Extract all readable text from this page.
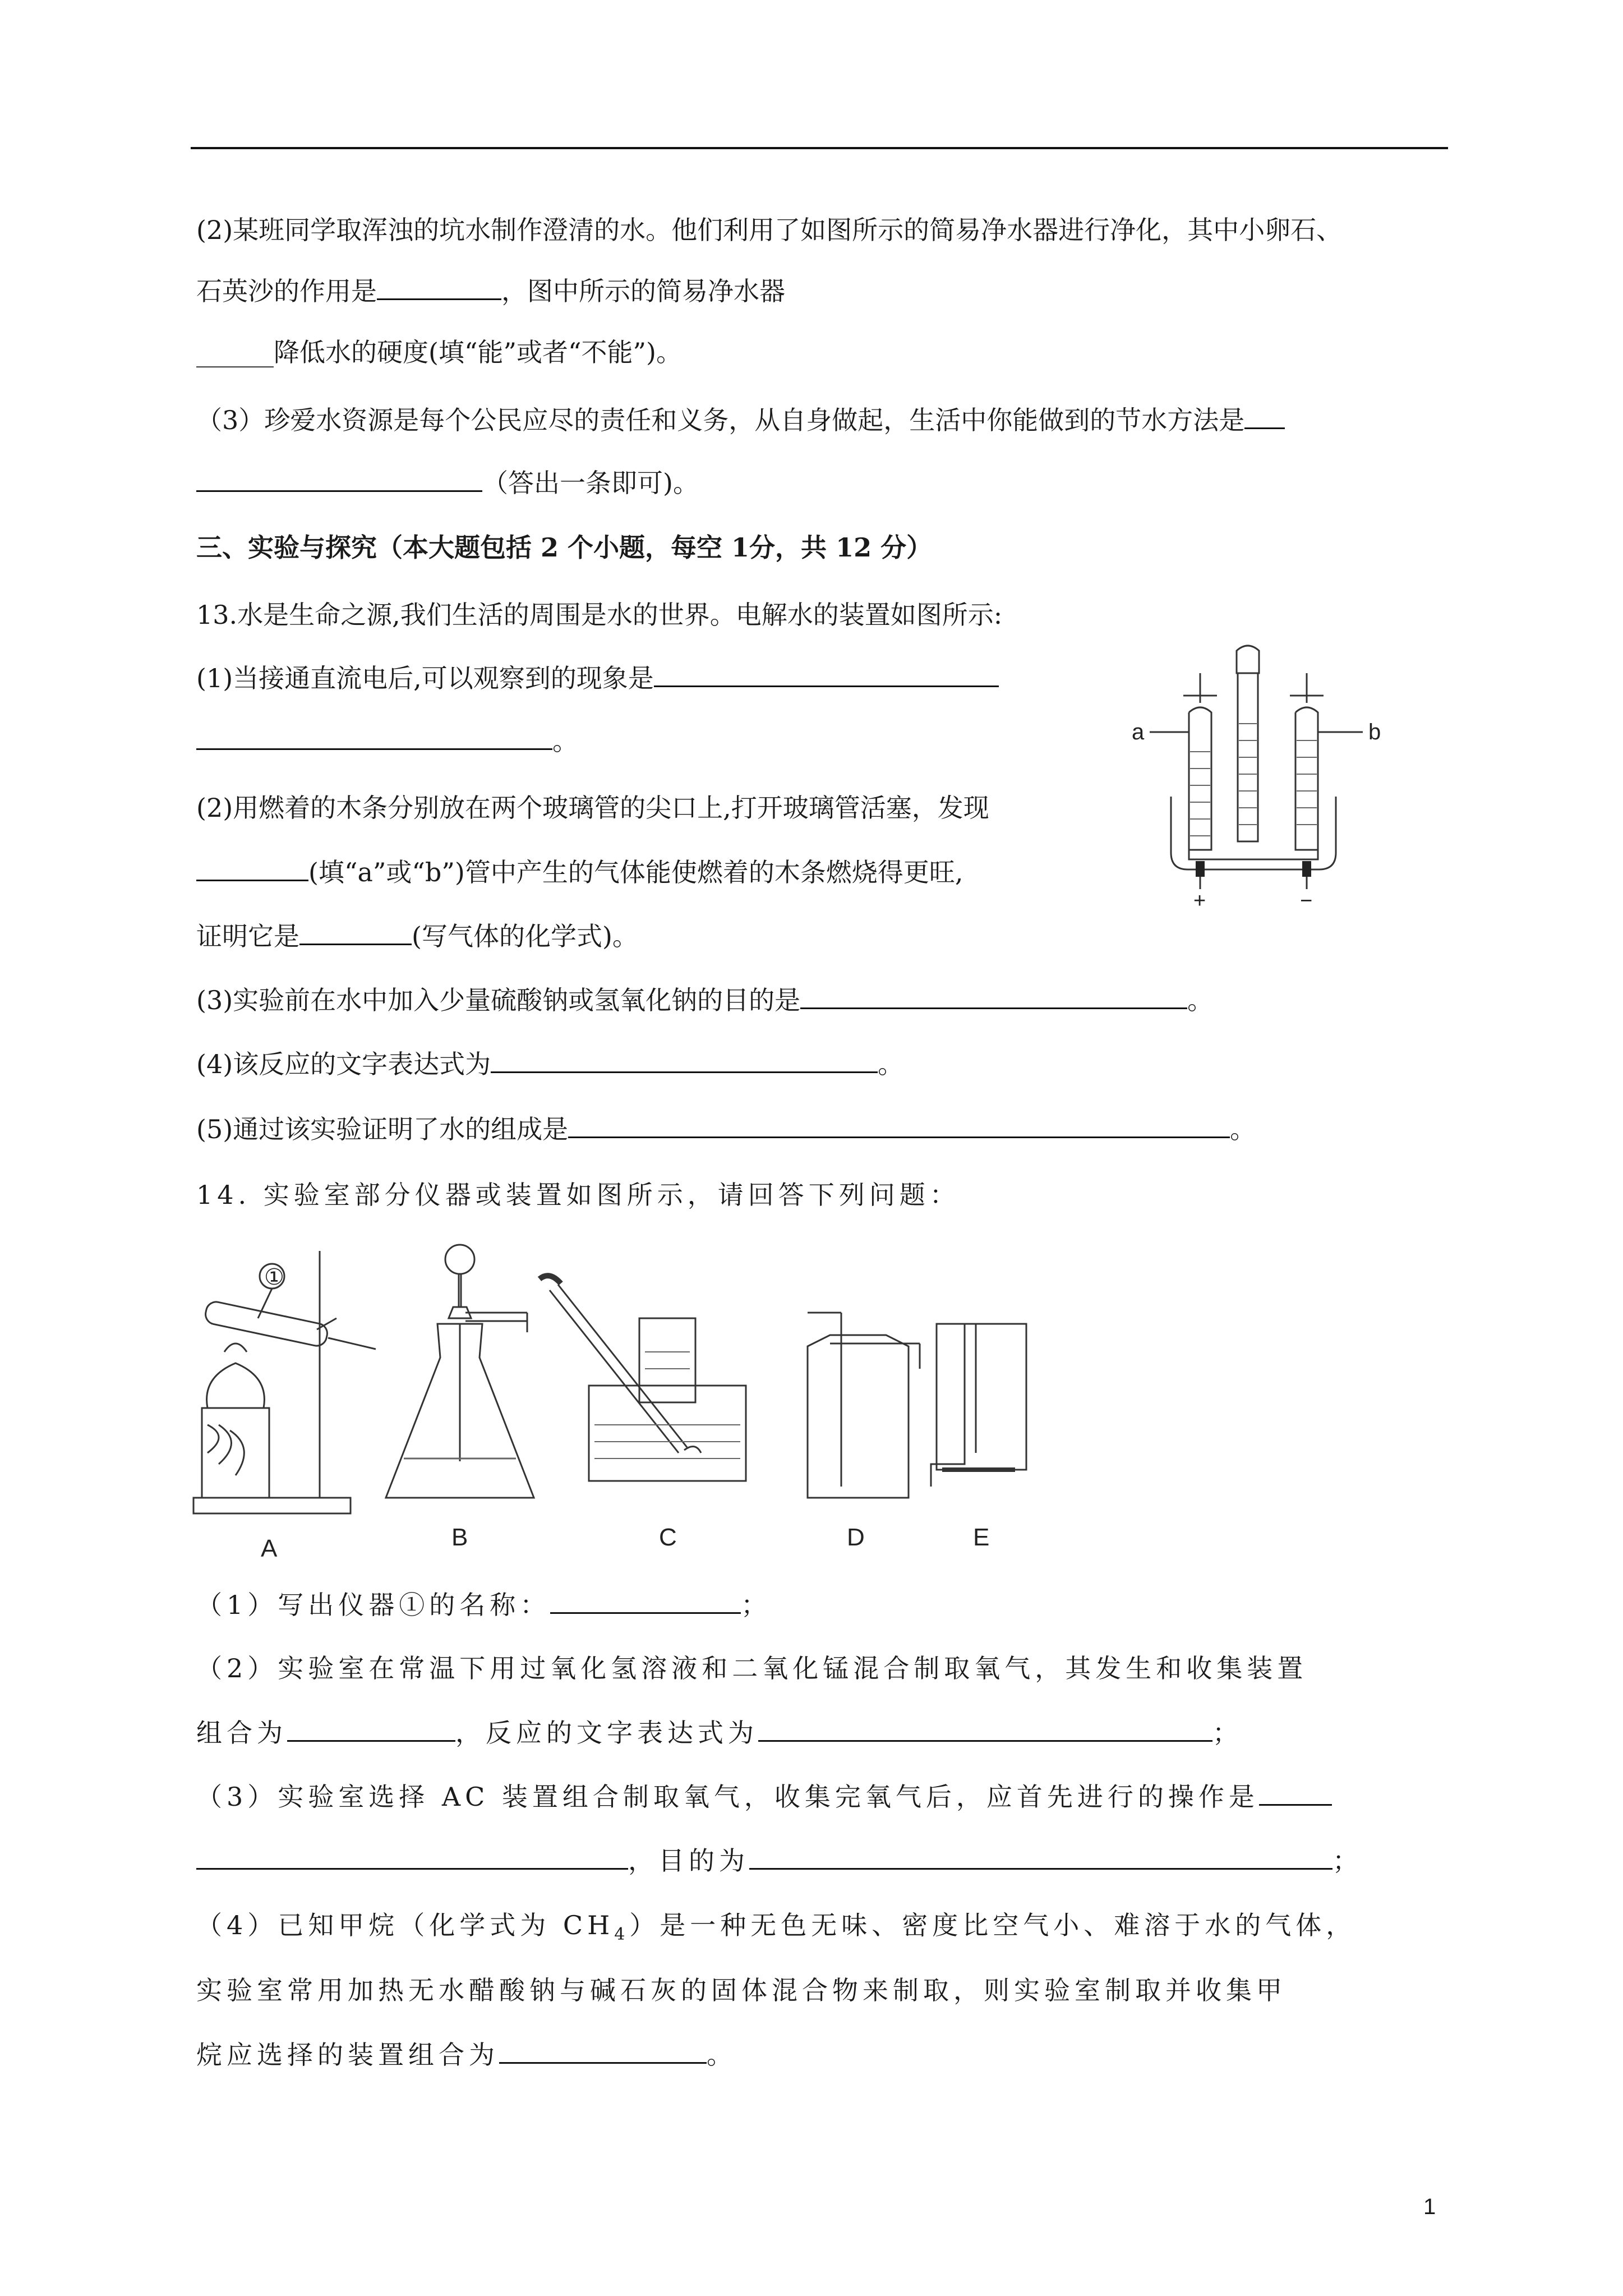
(2)某班同学取浑浊的坑水制作澄清的水。他们利用了如图所示的简易净水器进行净化，其中小卵石、
石英沙的作用是	，图中所示的简易净水器
______降低水的硬度(填“能”或者“不能”)。
（3）珍爱水资源是每个公民应尽的责任和义务，从自身做起，生活中你能做到的节水方法是
（答出一条即可)。
三、实验与探究（本大题包括 2 个小题，每空 1分，共 12 分）
13.水是生命之源,我们生活的周围是水的世界。电解水的装置如图所示:
(1)当接通直流电后,可以观察到的现象是
。
(2)用燃着的木条分别放在两个玻璃管的尖口上,打开玻璃管活塞，发现
(填“a”或“b”)管中产生的气体能使燃着的木条燃烧得更旺,
证明它是	(写气体的化学式)。
(3)实验前在水中加入少量硫酸钠或氢氧化钠的目的是	。
(4)该反应的文字表达式为	。
(5)通过该实验证明了水的组成是	。
a	b
+	−
14. 实验室部分仪器或装置如图所示，请回答下列问题：
①
A	B	C	D	E
（1）写出仪器①的名称：	；
（2）实验室在常温下用过氧化氢溶液和二氧化锰混合制取氧气，其发生和收集装置
组合为	，反应的文字表达式为	；
（3）实验室选择 AC 装置组合制取氧气，收集完氧气后，应首先进行的操作是
，目的为	；
（4）已知甲烷（化学式为 $CH_4$）是一种无色无味、密度比空气小、难溶于水的气体，
实验室常用加热无水醋酸钠与碱石灰的固体混合物来制取，则实验室制取并收集甲
烷应选择的装置组合为	。
1
